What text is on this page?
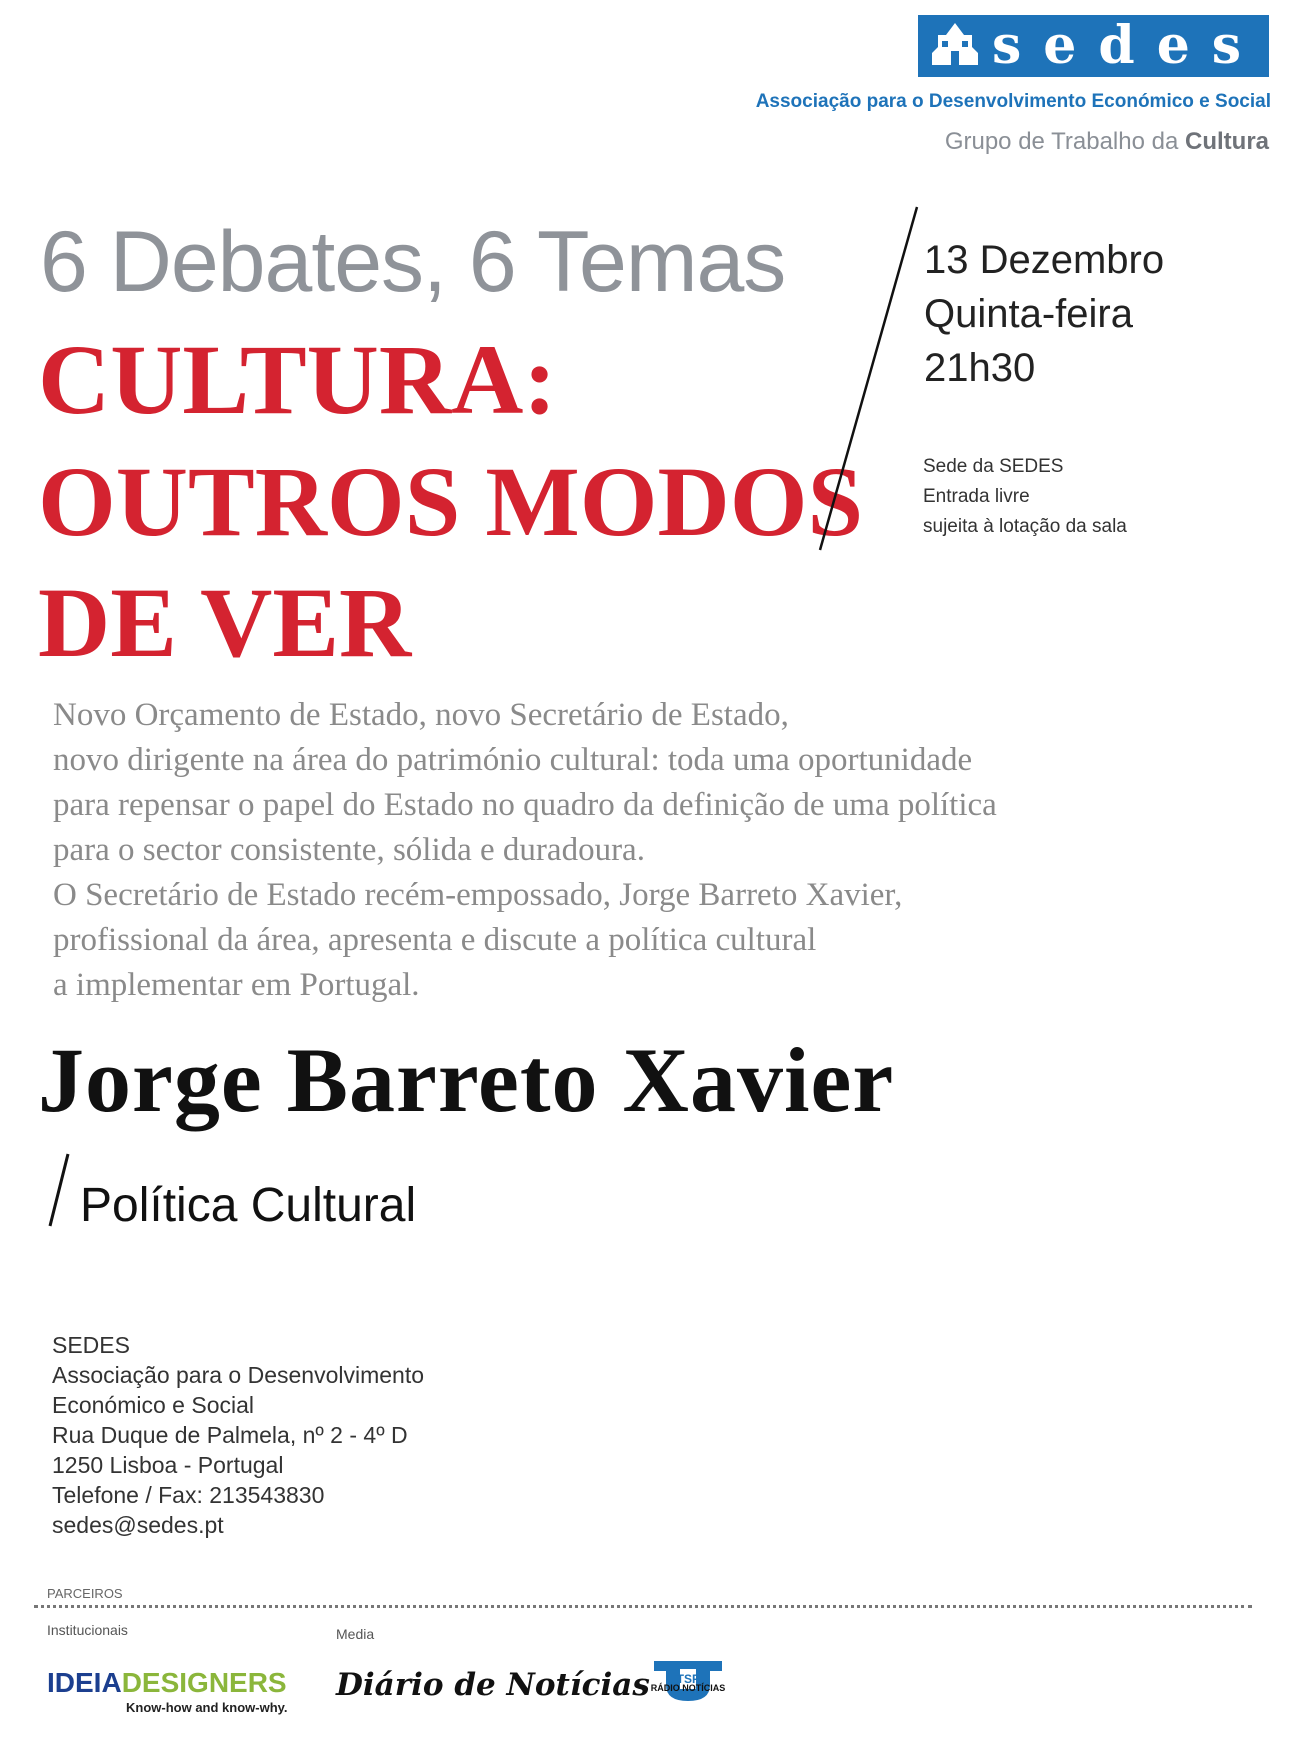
sedes
Associação para o Desenvolvimento Económico e Social
Grupo de Trabalho da Cultura
6 Debates, 6 Temas
CULTURA:
OUTROS MODOS
DE VER
13 Dezembro
Quinta-feira
21h30
Sede da SEDES
Entrada livre
sujeita à lotação da sala
Novo Orçamento de Estado, novo Secretário de Estado,
novo dirigente na área do património cultural: toda uma oportunidade
para repensar o papel do Estado no quadro da definição de uma política
para o sector consistente, sólida e duradoura.
O Secretário de Estado recém-empossado, Jorge Barreto Xavier,
profissional da área, apresenta e discute a política cultural
a implementar em Portugal.
Jorge Barreto Xavier
Política Cultural
SEDES
Associação para o Desenvolvimento
Económico e Social
Rua Duque de Palmela, nº 2 - 4º D
1250 Lisboa - Portugal
Telefone / Fax: 213543830
sedes@sedes.pt
PARCEIROS
Institucionais	Media
IDEIADESIGNERS
Know-how and know-why.
Diário de Notícias TSF
RÁDIO NOTÍCIAS
